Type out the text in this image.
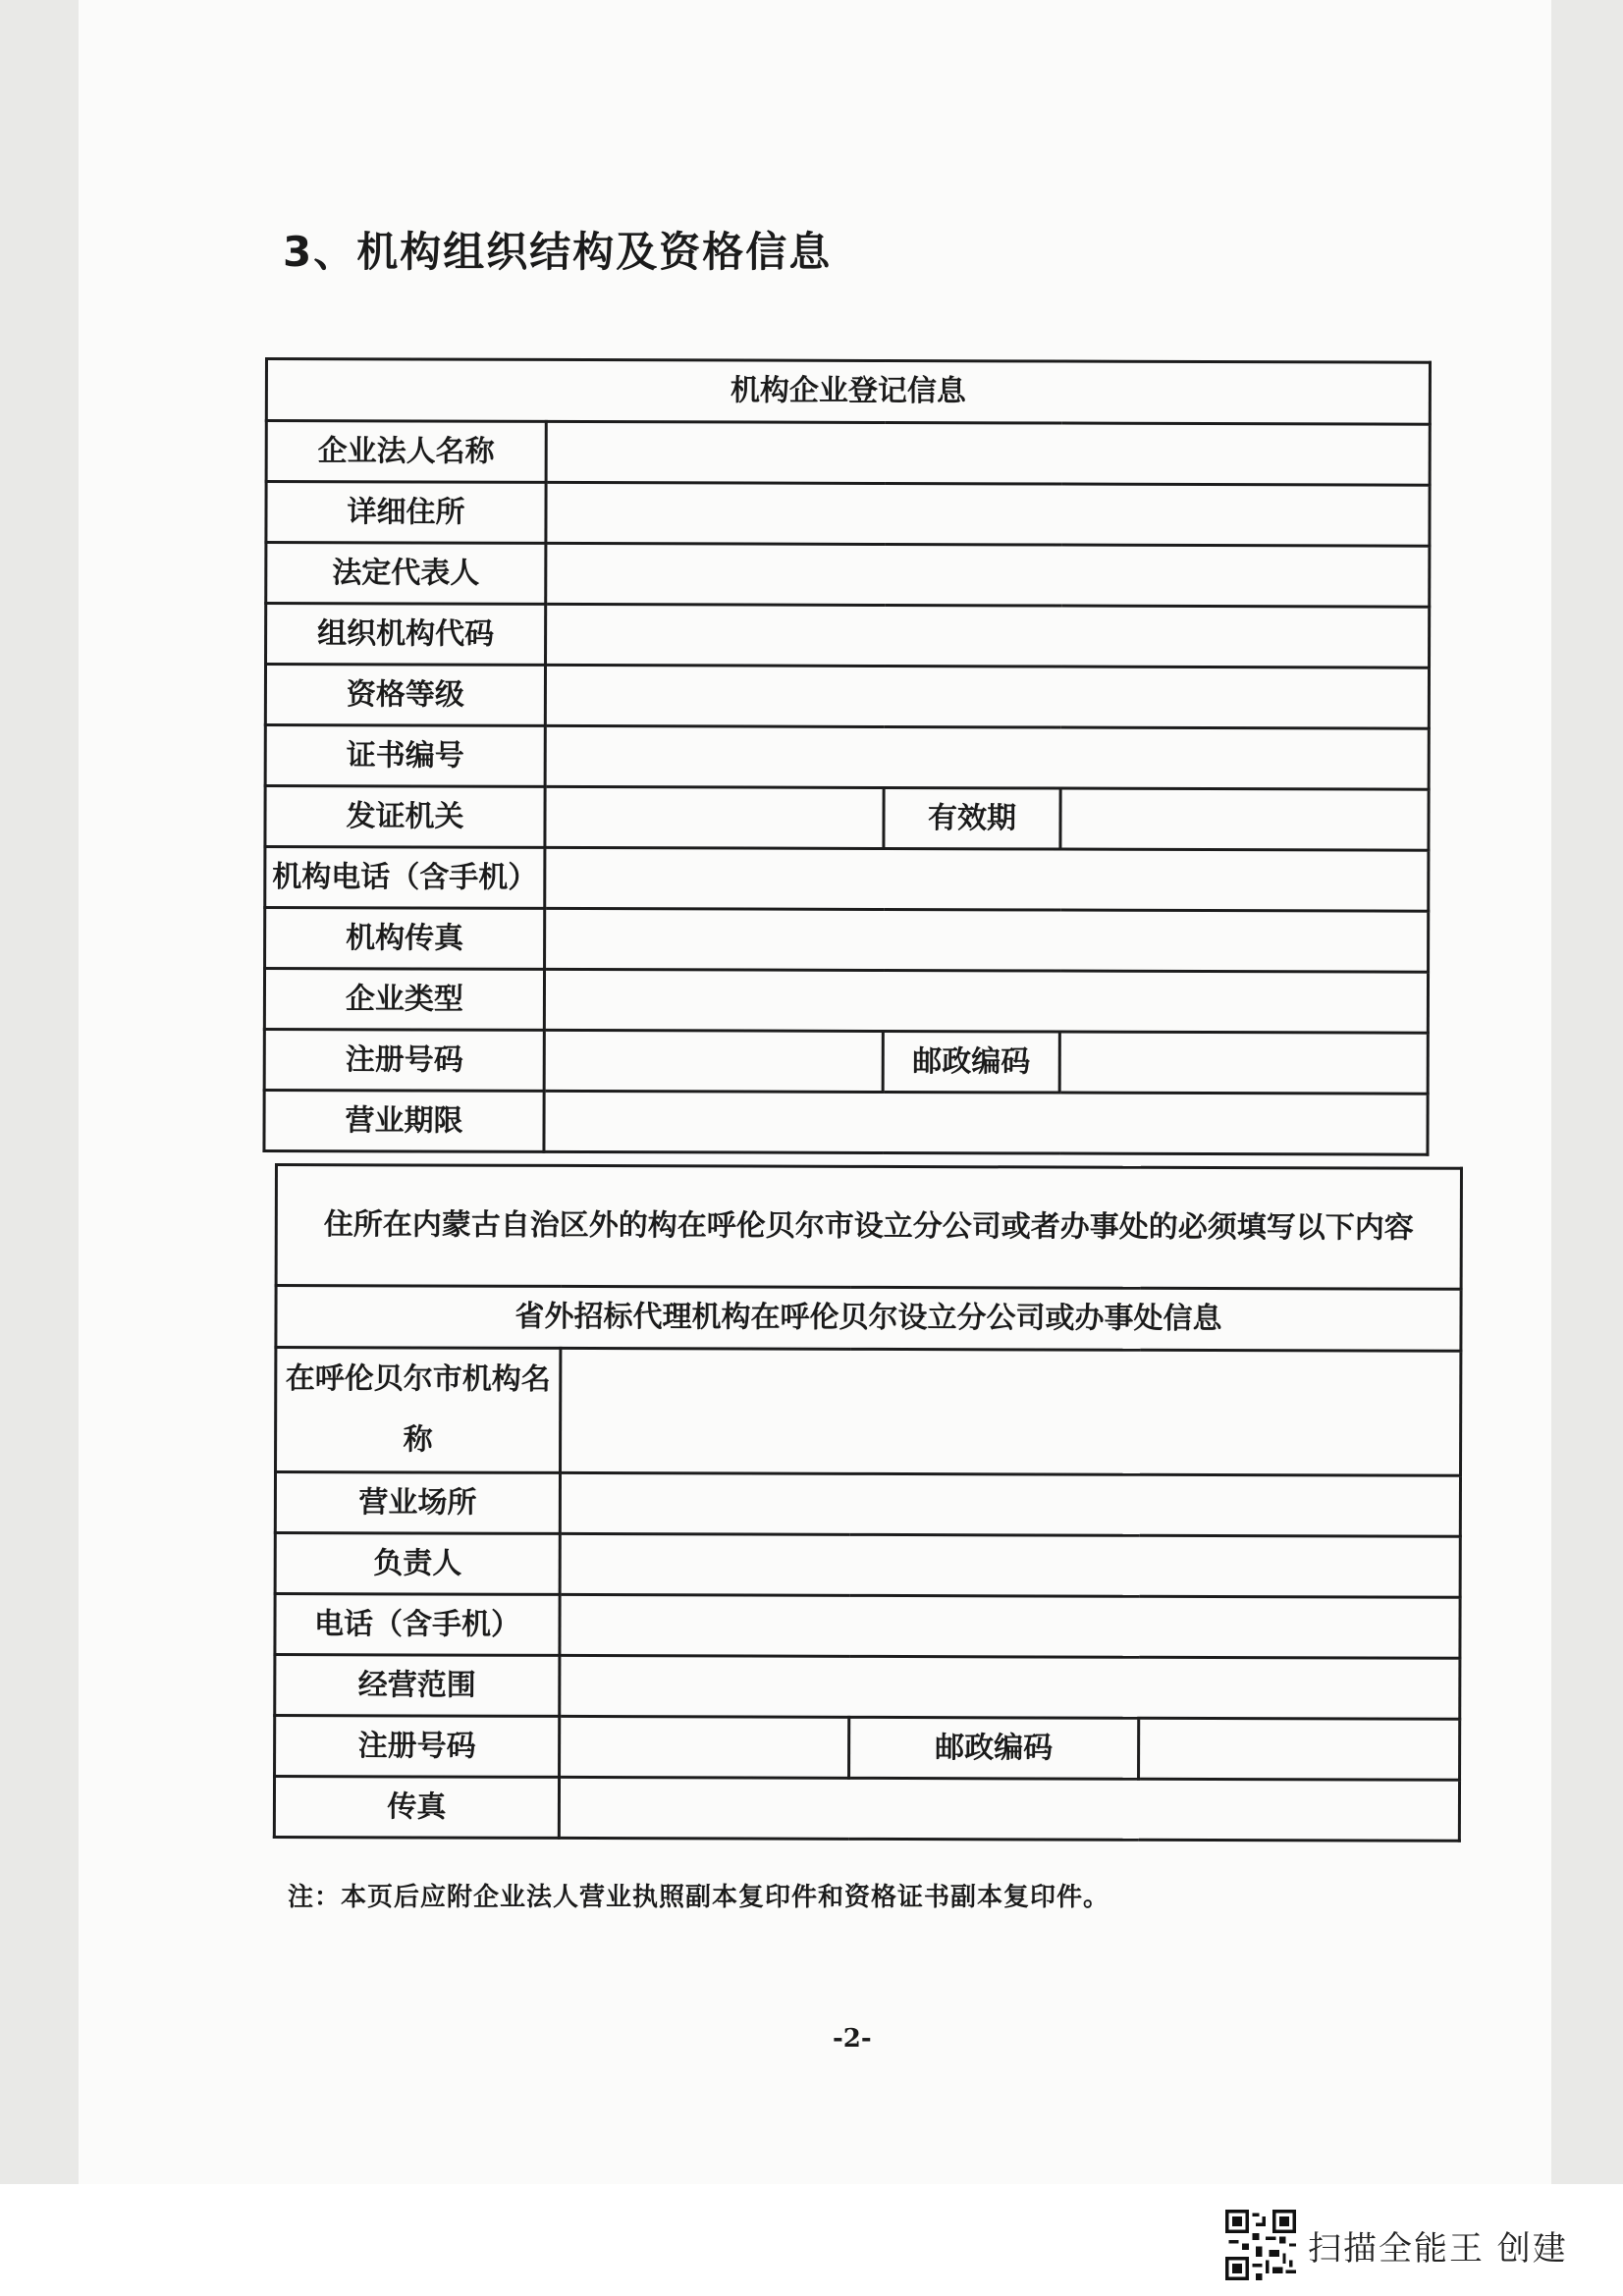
3、机构组织结构及资格信息
机构企业登记信息			
企业法人名称			
详细住所			
法定代表人			
组织机构代码			
资格等级			
证书编号			
发证机关		有效期	
机构电话（含手机）			
机构传真			
企业类型			
注册号码		邮政编码	
营业期限			
住所在内蒙古自治区外的构在呼伦贝尔市设立分公司或者办事处的必须填写以下内容			
省外招标代理机构在呼伦贝尔设立分公司或办事处信息			
在呼伦贝尔市机构名称			
营业场所			
负责人			
电话（含手机）			
经营范围			
注册号码		邮政编码	
传真			
注：本页后应附企业法人营业执照副本复印件和资格证书副本复印件。
-2-
扫描全能王 创建
